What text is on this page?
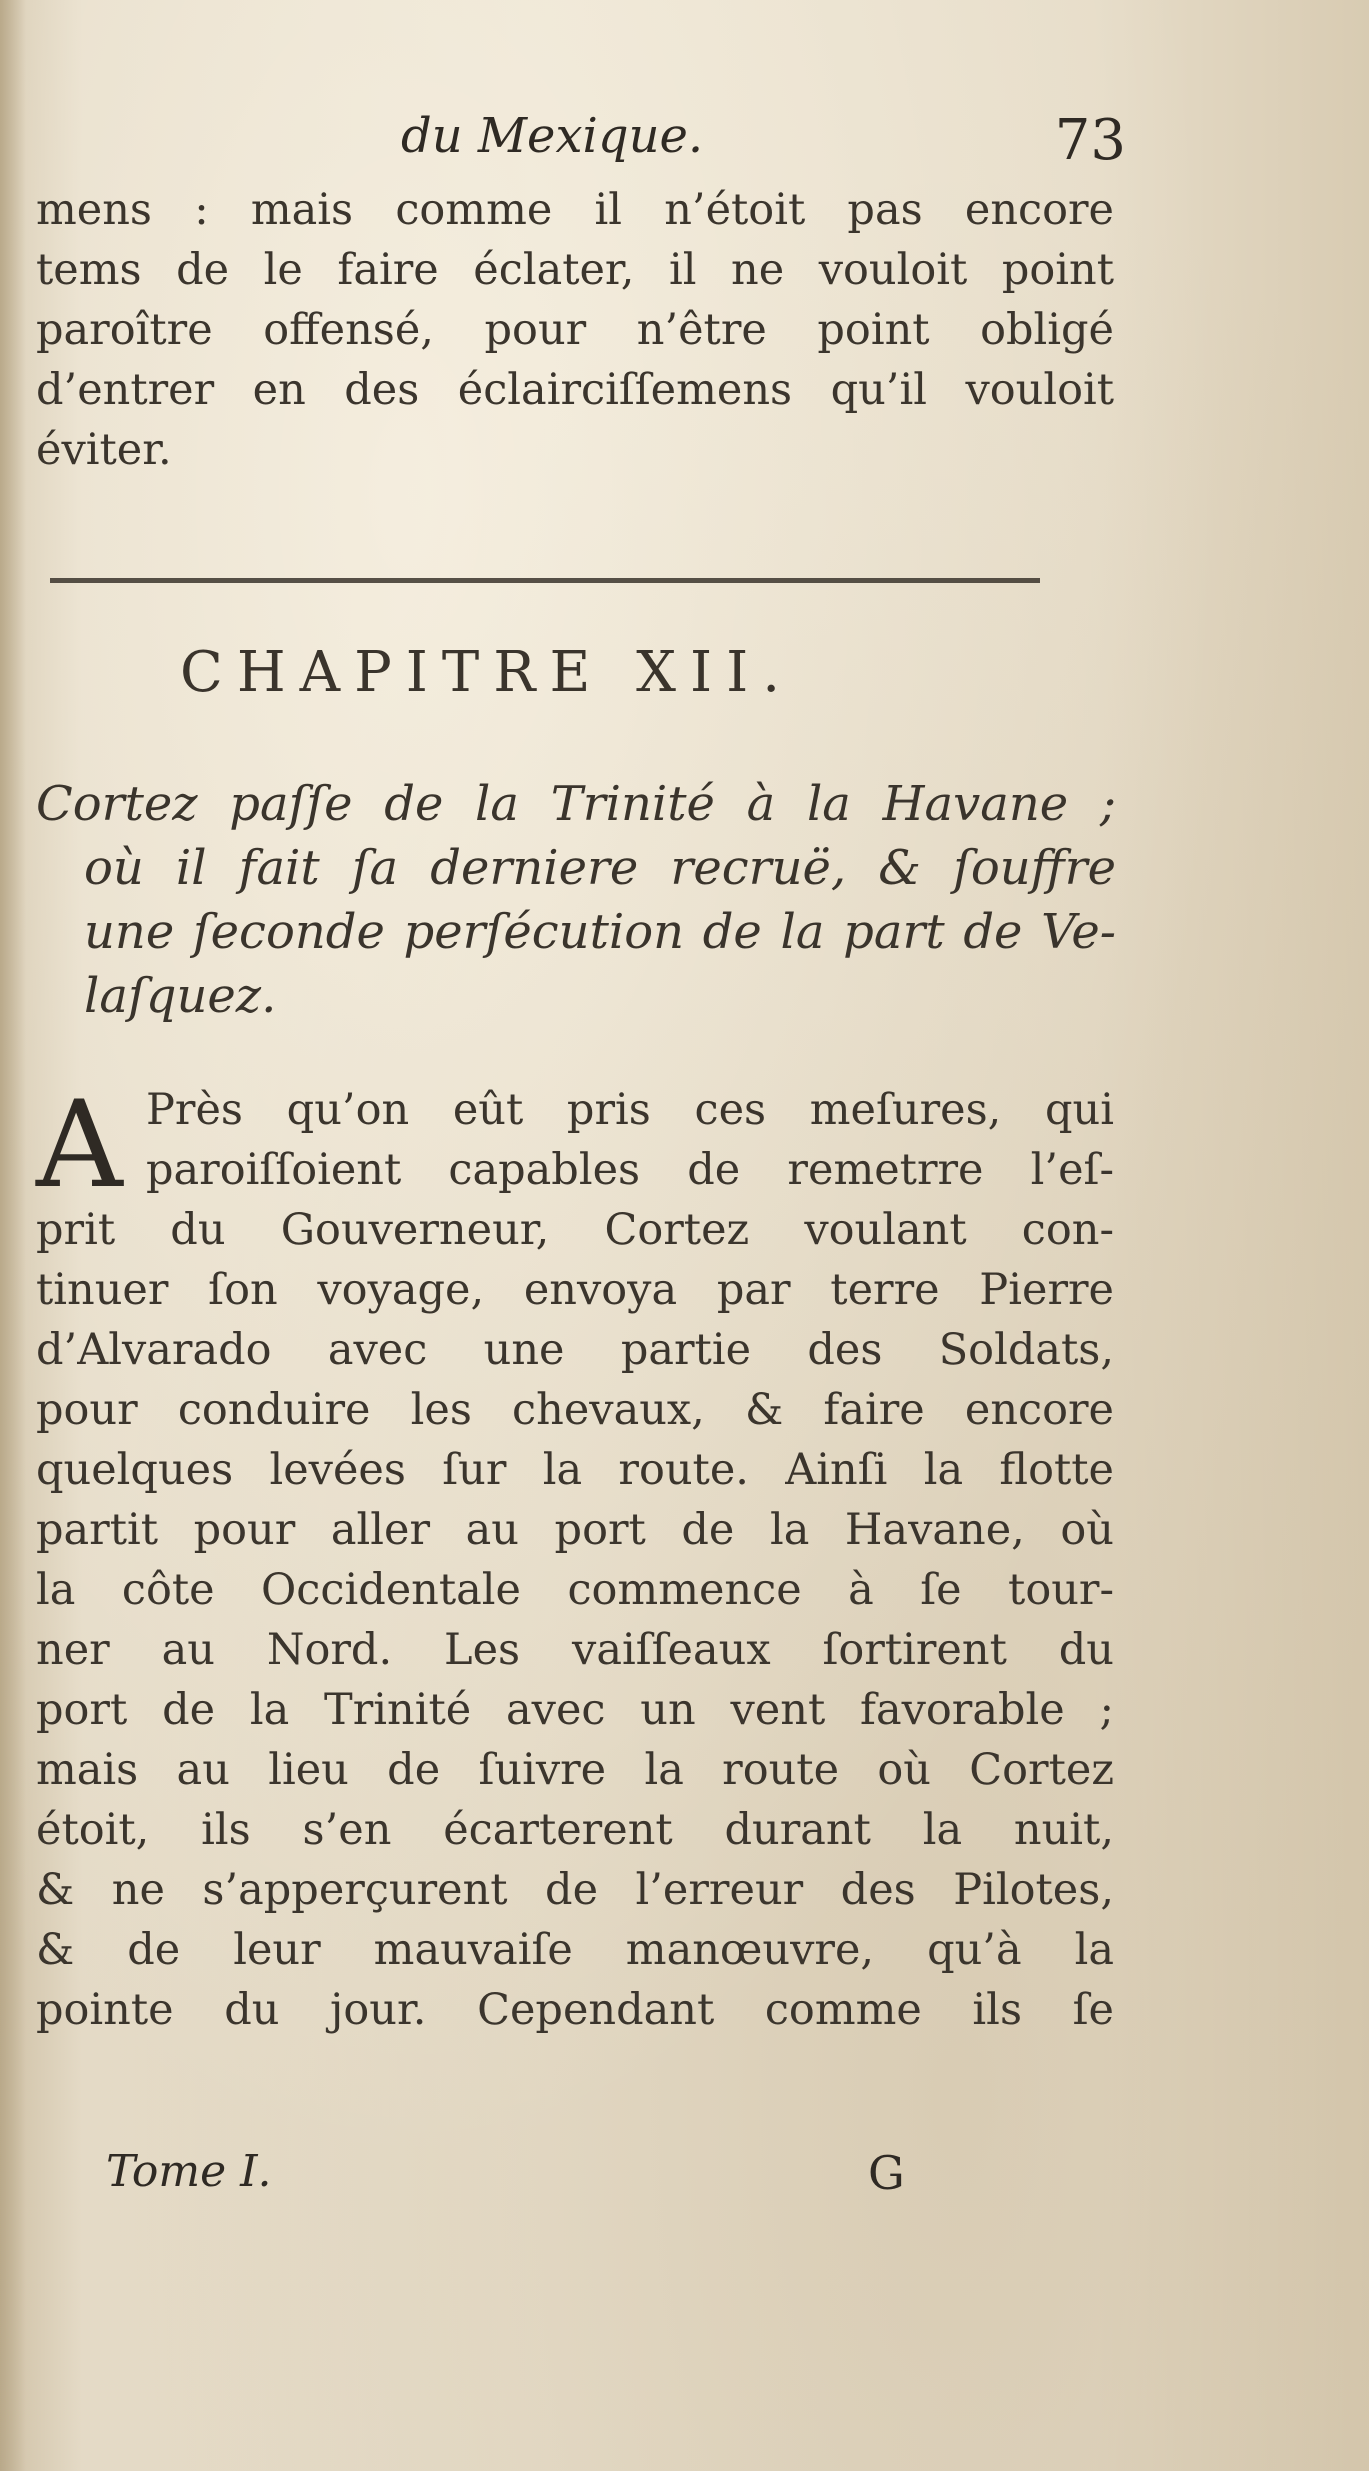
du Mexique.	73
mens : mais comme il n’étoit pas encore
tems de le faire éclater, il ne vouloit point
paroître offensé, pour n’être point obligé
d’entrer en des éclairciſſemens qu’il vouloit
éviter.
CHAPITRE XII.
Cortez paſſe de la Trinité à la Havane ;
où il fait ſa derniere recruë, & ſouffre
une ſeconde perſécution de la part de Ve-
laſquez.
A Près qu’on eût pris ces meſures, qui
paroiſſoient capables de remetrre l’eſ-
prit du Gouverneur, Cortez voulant con-
tinuer ſon voyage, envoya par terre Pierre
d’Alvarado avec une partie des Soldats,
pour conduire les chevaux, & faire encore
quelques levées ſur la route. Ainſi la flotte
partit pour aller au port de la Havane, où
la côte Occidentale commence à ſe tour-
ner au Nord. Les vaiſſeaux ſortirent du
port de la Trinité avec un vent favorable ;
mais au lieu de ſuivre la route où Cortez
étoit, ils s’en écarterent durant la nuit,
& ne s’apperçurent de l’erreur des Pilotes,
& de leur mauvaiſe manœuvre, qu’à la
pointe du jour. Cependant comme ils ſe
Tome I.	G
